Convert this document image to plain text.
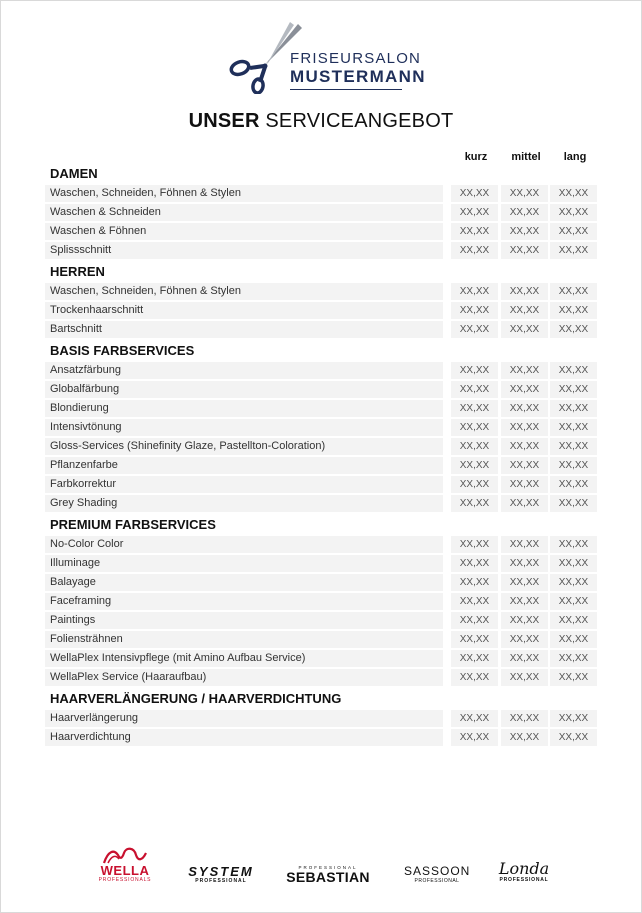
FRISEURSALON
MUSTERMANN
UNSER SERVICEANGEBOT
kurz	mittel	lang
DAMEN
Waschen, Schneiden, Föhnen & Stylen	XX,XX	XX,XX	XX,XX
Waschen & Schneiden	XX,XX	XX,XX	XX,XX
Waschen & Föhnen	XX,XX	XX,XX	XX,XX
Splissschnitt	XX,XX	XX,XX	XX,XX
HERREN
Waschen, Schneiden, Föhnen & Stylen	XX,XX	XX,XX	XX,XX
Trockenhaarschnitt	XX,XX	XX,XX	XX,XX
Bartschnitt	XX,XX	XX,XX	XX,XX
BASIS FARBSERVICES
Ansatzfärbung	XX,XX	XX,XX	XX,XX
Globalfärbung	XX,XX	XX,XX	XX,XX
Blondierung	XX,XX	XX,XX	XX,XX
Intensivtönung	XX,XX	XX,XX	XX,XX
Gloss-Services (Shinefinity Glaze, Pastellton-Coloration)	XX,XX	XX,XX	XX,XX
Pflanzenfarbe	XX,XX	XX,XX	XX,XX
Farbkorrektur	XX,XX	XX,XX	XX,XX
Grey Shading	XX,XX	XX,XX	XX,XX
PREMIUM FARBSERVICES
No-Color Color	XX,XX	XX,XX	XX,XX
Illuminage	XX,XX	XX,XX	XX,XX
Balayage	XX,XX	XX,XX	XX,XX
Faceframing	XX,XX	XX,XX	XX,XX
Paintings	XX,XX	XX,XX	XX,XX
Foliensträhnen	XX,XX	XX,XX	XX,XX
WellaPlex Intensivpflege (mit Amino Aufbau Service)	XX,XX	XX,XX	XX,XX
WellaPlex Service (Haaraufbau)	XX,XX	XX,XX	XX,XX
HAARVERLÄNGERUNG / HAARVERDICHTUNG
Haarverlängerung	XX,XX	XX,XX	XX,XX
Haarverdichtung	XX,XX	XX,XX	XX,XX
WELLA
PROFESSIONALS
SYSTEM
PROFESSIONAL
PROFESSIONAL
SEBASTIAN	SASSOON
PROFESSIONAL
Londa
PROFESSIONAL
